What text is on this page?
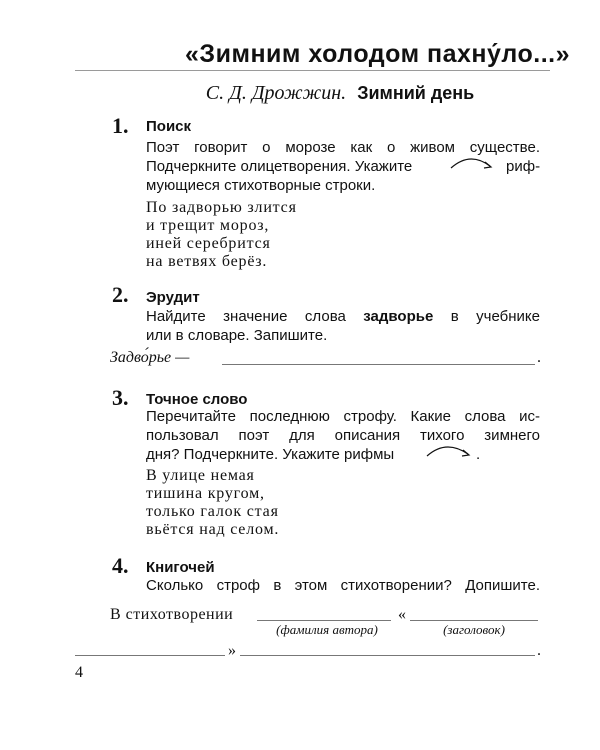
«Зимним холодом пахну́ло...»
С. Д. Дрожжин. Зимний день
1. Поиск
Поэт говорит о морозе как о живом существе.
Подчеркните олицетворения. Укажите	риф-
мующиеся стихотворные строки.
По задворью злится
и трещит мороз,
иней серебрится
на ветвях берёз.
2. Эрудит
Найдите значение слова задворье в учебнике
или в словаре. Запишите.
Задво́рье —	.
3. Точное слово
Перечитайте последнюю строфу. Какие слова ис-
пользовал поэт для описания тихого зимнего
дня? Подчеркните. Укажите рифмы	.
В улице немая
тишина кругом,
только галок стая
вьётся над селом.
4. Книгочей
Сколько строф в этом стихотворении? Допишите.
В стихотворении	«
(фамилия автора)	(заголовок)
»	.
4
